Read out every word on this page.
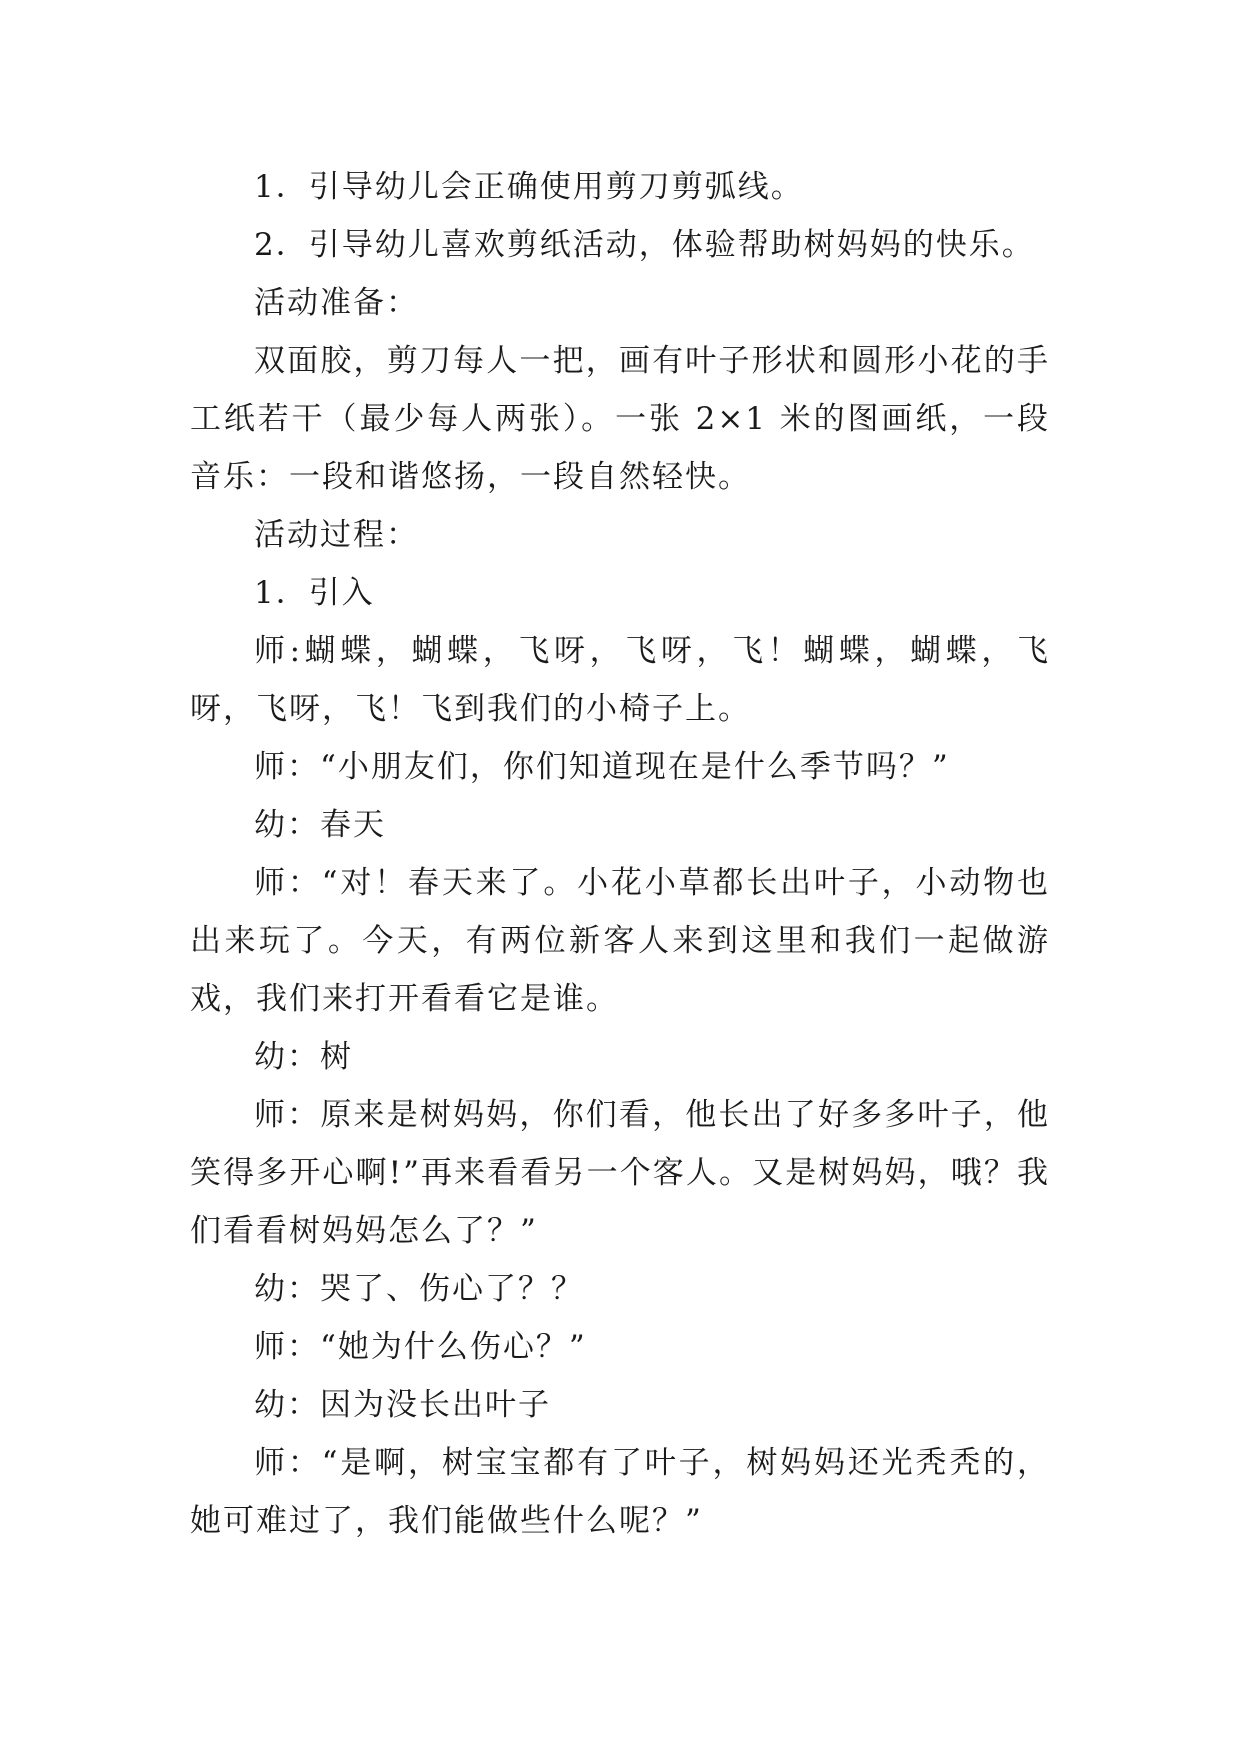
1．引导幼儿会正确使用剪刀剪弧线。

2．引导幼儿喜欢剪纸活动，体验帮助树妈妈的快乐。

活动准备：

双面胶，剪刀每人一把，画有叶子形状和圆形小花的手工纸若干（最少每人两张）。一张 2×1 米的图画纸，一段音乐：一段和谐悠扬，一段自然轻快。

活动过程：

1．引入

师:蝴蝶，蝴蝶，飞呀，飞呀，飞！蝴蝶，蝴蝶，飞呀，飞呀，飞！飞到我们的小椅子上。

师：“小朋友们，你们知道现在是什么季节吗？”

幼：春天

师：“对！春天来了。小花小草都长出叶子，小动物也出来玩了。今天，有两位新客人来到这里和我们一起做游戏，我们来打开看看它是谁。

幼：树

师：原来是树妈妈，你们看，他长出了好多多叶子，他笑得多开心啊!”再来看看另一个客人。又是树妈妈，哦？我们看看树妈妈怎么了？”

幼：哭了、伤心了？？

师：“她为什么伤心？”

幼：因为没长出叶子

师：“是啊，树宝宝都有了叶子，树妈妈还光秃秃的，她可难过了，我们能做些什么呢？”
